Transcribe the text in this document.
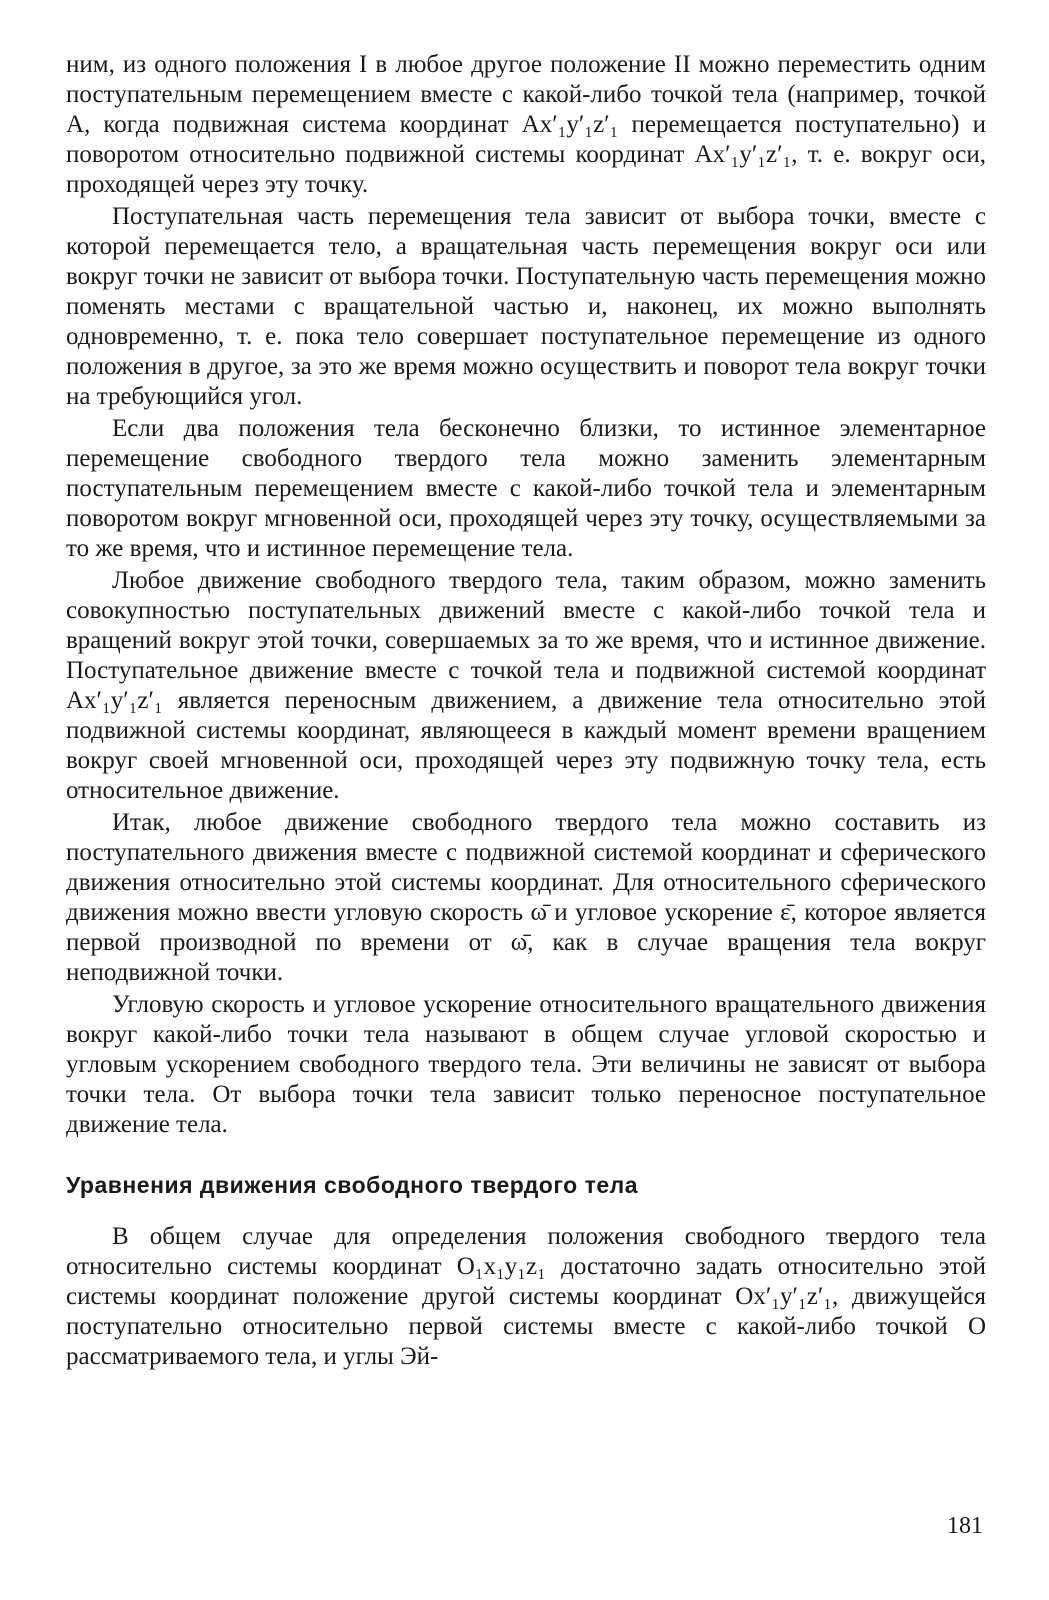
ним, из одного положения I в любое другое положение II можно переместить одним поступательным перемещением вместе с какой-либо точкой тела (например, точкой A, когда подвижная система координат Ax′₁y′₁z′₁ перемещается поступательно) и поворотом относительно подвижной системы координат Ax′₁y′₁z′₁, т. е. вокруг оси, проходящей через эту точку.

Поступательная часть перемещения тела зависит от выбора точки, вместе с которой перемещается тело, а вращательная часть перемещения вокруг оси или вокруг точки не зависит от выбора точки. Поступательную часть перемещения можно поменять местами с вращательной частью и, наконец, их можно выполнять одновременно, т. е. пока тело совершает поступательное перемещение из одного положения в другое, за это же время можно осуществить и поворот тела вокруг точки на требующийся угол.

Если два положения тела бесконечно близки, то истинное элементарное перемещение свободного твердого тела можно заменить элементарным поступательным перемещением вместе с какой-либо точкой тела и элементарным поворотом вокруг мгновенной оси, проходящей через эту точку, осуществляемыми за то же время, что и истинное перемещение тела.

Любое движение свободного твердого тела, таким образом, можно заменить совокупностью поступательных движений вместе с какой-либо точкой тела и вращений вокруг этой точки, совершаемых за то же время, что и истинное движение. Поступательное движение вместе с точкой тела и подвижной системой координат Ax′₁y′₁z′₁ является переносным движением, а движение тела относительно этой подвижной системы координат, являющееся в каждый момент времени вращением вокруг своей мгновенной оси, проходящей через эту подвижную точку тела, есть относительное движение.

Итак, любое движение свободного твердого тела можно составить из поступательного движения вместе с подвижной системой координат и сферического движения относительно этой системы координат. Для относительного сферического движения можно ввести угловую скорость ω̄ и угловое ускорение ε̄, которое является первой производной по времени от ω̄, как в случае вращения тела вокруг неподвижной точки.

Угловую скорость и угловое ускорение относительного вращательного движения вокруг какой-либо точки тела называют в общем случае угловой скоростью и угловым ускорением свободного твердого тела. Эти величины не зависят от выбора точки тела. От выбора точки тела зависит только переносное поступательное движение тела.

Уравнения движения свободного твердого тела

В общем случае для определения положения свободного твердого тела относительно системы координат O₁x₁y₁z₁ достаточно задать относительно этой системы координат положение другой системы координат Ox′₁y′₁z′₁, движущейся поступательно относительно первой системы вместе с какой-либо точкой O рассматриваемого тела, и углы Эй-

181
